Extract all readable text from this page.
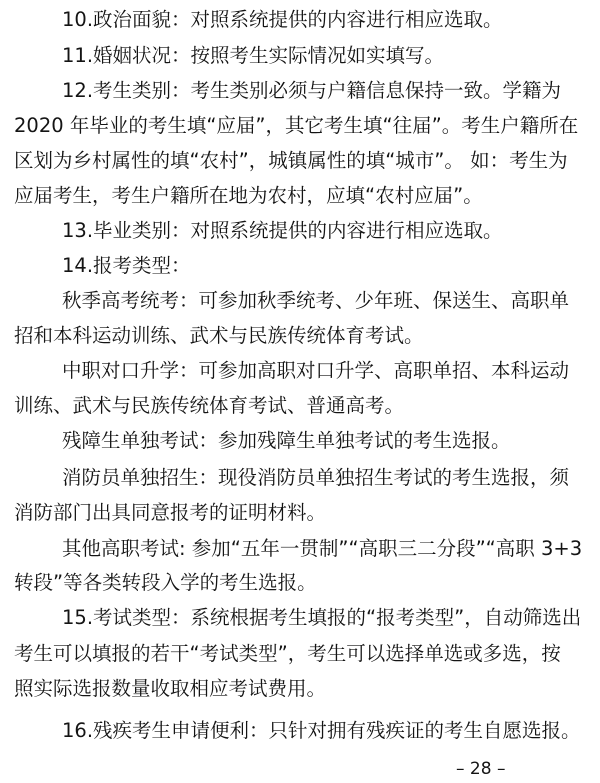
10.政治面貌：对照系统提供的内容进行相应选取。
11.婚姻状况：按照考生实际情况如实填写。
12.考生类别：考生类别必须与户籍信息保持一致。学籍为
2020 年毕业的考生填“应届”，其它考生填“往届”。考生户籍所在
区划为乡村属性的填“农村”，城镇属性的填“城市”。 如：考生为
应届考生，考生户籍所在地为农村，应填“农村应届”。
13.毕业类别：对照系统提供的内容进行相应选取。
14.报考类型：
秋季高考统考：可参加秋季统考、少年班、保送生、高职单
招和本科运动训练、武术与民族传统体育考试。
中职对口升学：可参加高职对口升学、高职单招、本科运动
训练、武术与民族传统体育考试、普通高考。
残障生单独考试：参加残障生单独考试的考生选报。
消防员单独招生：现役消防员单独招生考试的考生选报，须
消防部门出具同意报考的证明材料。
其他高职考试: 参加“五年一贯制”“高职三二分段”“高职 3+3
转段”等各类转段入学的考生选报。
15.考试类型：系统根据考生填报的“报考类型”，自动筛选出
考生可以填报的若干“考试类型”，考生可以选择单选或多选，按
照实际选报数量收取相应考试费用。
16.残疾考生申请便利：只针对拥有残疾证的考生自愿选报。
– 28 –
